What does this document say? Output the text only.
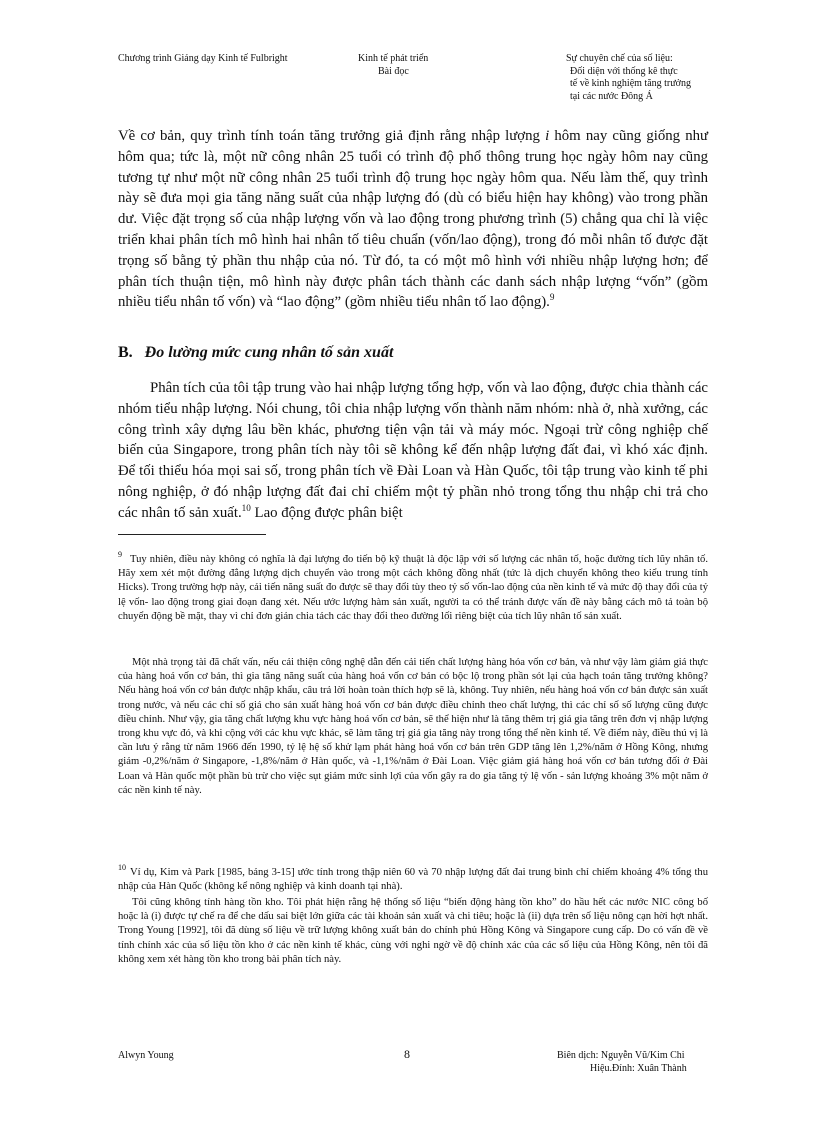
Chương trình Giảng dạy Kinh tế Fulbright	Kinh tế phát triển
Bài đọc
Sự chuyên chế của số liệu:
Đối diện với thống kê thực
tế về kinh nghiệm tăng trưởng
tại các nước Đông Á

Về cơ bản, quy trình tính toán tăng trưởng giả định rằng nhập lượng i hôm nay cũng giống như hôm qua; tức là, một nữ công nhân 25 tuổi có trình độ phổ thông trung học ngày hôm nay cũng tương tự như một nữ công nhân 25 tuổi trình độ trung học ngày hôm qua. Nếu làm thế, quy trình này sẽ đưa mọi gia tăng năng suất của nhập lượng đó (dù có biểu hiện hay không) vào trong phần dư. Việc đặt trọng số của nhập lượng vốn và lao động trong phương trình (5) chẳng qua chỉ là việc triển khai phân tích mô hình hai nhân tố tiêu chuẩn (vốn/lao động), trong đó mỗi nhân tố được đặt trọng số bằng tỷ phần thu nhập của nó. Từ đó, ta có một mô hình với nhiều nhập lượng hơn; để phân tích thuận tiện, mô hình này được phân tách thành các danh sách nhập lượng “vốn” (gồm nhiều tiểu nhân tố vốn) và “lao động” (gồm nhiều tiểu nhân tố lao động).$^9$

B. Đo lường mức cung nhân tố sản xuất

Phân tích của tôi tập trung vào hai nhập lượng tổng hợp, vốn và lao động, được chia thành các nhóm tiểu nhập lượng. Nói chung, tôi chia nhập lượng vốn thành năm nhóm: nhà ở, nhà xưởng, các công trình xây dựng lâu bền khác, phương tiện vận tải và máy móc. Ngoại trừ công nghiệp chế biến của Singapore, trong phân tích này tôi sẽ không kể đến nhập lượng đất đai, vì khó xác định. Để tối thiểu hóa mọi sai số, trong phân tích về Đài Loan và Hàn Quốc, tôi tập trung vào kinh tế phi nông nghiệp, ở đó nhập lượng đất đai chỉ chiếm một tỷ phần nhỏ trong tổng thu nhập chi trả cho các nhân tố sản xuất.$^{10}$ Lao động được phân biệt

$^9$ Tuy nhiên, điều này không có nghĩa là đại lượng đo tiến bộ kỹ thuật là độc lập với số lượng các nhân tố, hoặc đường tích lũy nhân tố. Hãy xem xét một đường đẳng lượng dịch chuyển vào trong một cách không đồng nhất (tức là dịch chuyển không theo kiểu trung tính Hicks). Trong trường hợp này, cải tiến năng suất đo được sẽ thay đổi tùy theo tỷ số vốn-lao động của nền kinh tế và mức độ thay đổi của tỷ lệ vốn- lao động trong giai đoạn đang xét. Nếu ước lượng hàm sản xuất, người ta có thể tránh được vấn đề này bằng cách mô tả toàn bộ chuyển động bề mặt, thay vì chỉ đơn giản chia tách các thay đổi theo đường lối riêng biệt của tích lũy nhân tố sản xuất.

Một nhà trọng tài đã chất vấn, nếu cải thiện công nghệ dẫn đến cải tiến chất lượng hàng hóa vốn cơ bản, và như vậy làm giảm giá thực của hàng hoá vốn cơ bản, thì gia tăng năng suất của hàng hoá vốn cơ bản có bộc lộ trong phần sót lại của hạch toán tăng trưởng không? Nếu hàng hoá vốn cơ bản được nhập khẩu, câu trả lời hoàn toàn thích hợp sẽ là, không. Tuy nhiên, nếu hàng hoá vốn cơ bản được sản xuất trong nước, và nếu các chỉ số giá cho sản xuất hàng hoá vốn cơ bản được điều chỉnh theo chất lượng, thì các chỉ số số lượng cũng được điều chỉnh. Như vậy, gia tăng chất lượng khu vực hàng hoá vốn cơ bản, sẽ thể hiện như là tăng thêm trị giá gia tăng trên đơn vị nhập lượng trong khu vực đó, và khi cộng với các khu vực khác, sẽ làm tăng trị giá gia tăng này trong tổng thể nền kinh tế. Về điểm này, điều thú vị là cần lưu ý rằng từ năm 1966 đến 1990, tỷ lệ hệ số khử lạm phát hàng hoá vốn cơ bản trên GDP tăng lên 1,2%/năm ở Hồng Kông, nhưng giảm -0,2%/năm ở Singapore, -1,8%/năm ở Hàn quốc, và -1,1%/năm ở Đài Loan. Việc giảm giá hàng hoá vốn cơ bản tương đối ở Đài Loan và Hàn quốc một phần bù trừ cho việc sụt giảm mức sinh lợi của vốn gây ra do gia tăng tỷ lệ vốn - sản lượng khoảng 3% một năm ở các nền kinh tế này.

$^{10}$ Ví dụ, Kim và Park [1985, bảng 3-15] ước tính trong thập niên 60 và 70 nhập lượng đất đai trung bình chỉ chiếm khoảng 4% tổng thu nhập của Hàn Quốc (không kể nông nghiệp và kinh doanh tại nhà).

Tôi cũng không tính hàng tồn kho. Tôi phát hiện rằng hệ thống số liệu “biến động hàng tồn kho” do hầu hết các nước NIC công bố hoặc là (i) được tự chế ra để che dấu sai biệt lớn giữa các tài khoản sản xuất và chi tiêu; hoặc là (ii) dựa trên số liệu nông cạn hời hợt nhất. Trong Young [1992], tôi đã dùng số liệu về trữ lượng không xuất bản do chính phủ Hồng Kông và Singapore cung cấp. Do có vấn đề về tính chính xác của số liệu tồn kho ở các nền kinh tế khác, cùng với nghi ngờ về độ chính xác của các số liệu của Hồng Kông, nên tôi đã không xem xét hàng tồn kho trong bài phân tích này.

Alwyn Young	8	Biên dịch: Nguyễn Vũ/Kim Chi
Hiệu.Đính: Xuân Thành
